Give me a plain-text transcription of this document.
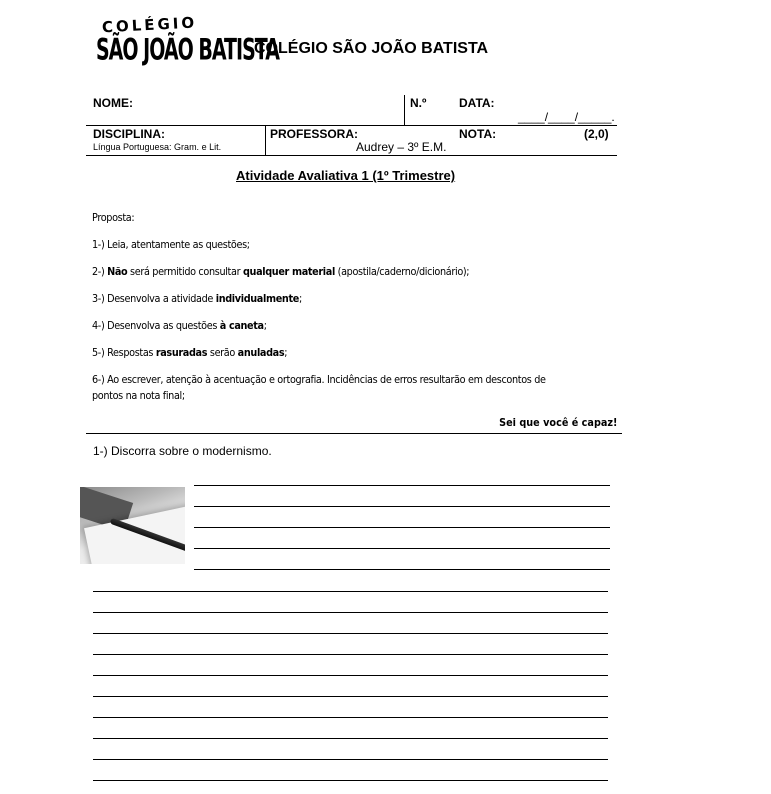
COLÉGIO
SÃO JOÃO BATISTA
COLÉGIO SÃO JOÃO BATISTA
NOME:	N.º	DATA:
____/____/_____.
DISCIPLINA:
Língua Portuguesa: Gram. e Lit.
PROFESSORA:
Audrey – 3º E.M.
NOTA:	(2,0)
Atividade Avaliativa 1 (1º Trimestre)
Proposta:
1-) Leia, atentamente as questões;
2-) Não será permitido consultar qualquer material (apostila/caderno/dicionário);
3-) Desenvolva a atividade individualmente;
4-) Desenvolva as questões à caneta;
5-) Respostas rasuradas serão anuladas;
6-) Ao escrever, atenção à acentuação e ortografia. Incidências de erros resultarão em descontos de
pontos na nota final;
Sei que você é capaz!
1-) Discorra sobre o modernismo.
